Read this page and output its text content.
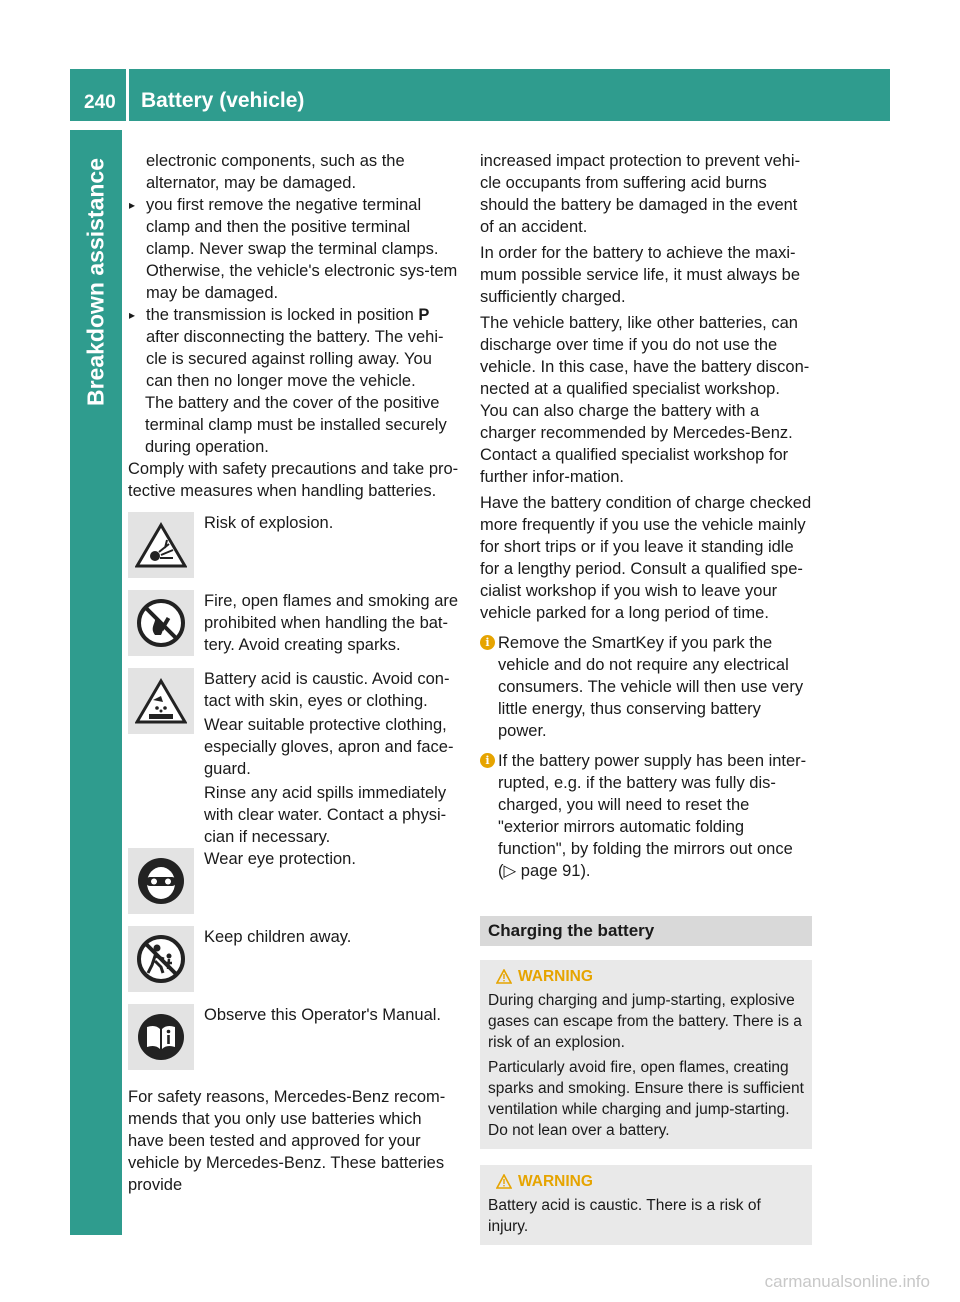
240 Battery (vehicle)
Breakdown assistance	electronic components, such as the alternator, may be damaged.

▸ you first remove the negative terminal clamp and then the positive terminal clamp. Never swap the terminal clamps. Otherwise, the vehicle's electronic sys-tem may be damaged.

▸ the transmission is locked in position P after disconnecting the battery. The vehi-cle is secured against rolling away. You can then no longer move the vehicle.

The battery and the cover of the positive terminal clamp must be installed securely during operation.

Comply with safety precautions and take pro-tective measures when handling batteries.

Risk of explosion.

Fire, open flames and smoking are prohibited when handling the bat-tery. Avoid creating sparks.

Battery acid is caustic. Avoid con-tact with skin, eyes or clothing.

Wear suitable protective clothing, especially gloves, apron and face-guard.

Rinse any acid spills immediately with clear water. Contact a physi-cian if necessary.

Wear eye protection.

Keep children away.

Observe this Operator's Manual.

For safety reasons, Mercedes-Benz recom-mends that you only use batteries which have been tested and approved for your vehicle by Mercedes-Benz. These batteries provide

increased impact protection to prevent vehi-cle occupants from suffering acid burns should the battery be damaged in the event of an accident.

In order for the battery to achieve the maxi-mum possible service life, it must always be sufficiently charged.

The vehicle battery, like other batteries, can discharge over time if you do not use the vehicle. In this case, have the battery discon-nected at a qualified specialist workshop. You can also charge the battery with a charger recommended by Mercedes-Benz. Contact a qualified specialist workshop for further infor-mation.

Have the battery condition of charge checked more frequently if you use the vehicle mainly for short trips or if you leave it standing idle for a lengthy period. Consult a qualified spe-cialist workshop if you wish to leave your vehicle parked for a long period of time.

i Remove the SmartKey if you park the vehicle and do not require any electrical consumers. The vehicle will then use very little energy, thus conserving battery power.

i If the battery power supply has been inter-rupted, e.g. if the battery was fully dis-charged, you will need to reset the "exterior mirrors automatic folding function", by folding the mirrors out once (▷ page 91).

Charging the battery
WARNING

During charging and jump-starting, explosive gases can escape from the battery. There is a risk of an explosion.

Particularly avoid fire, open flames, creating sparks and smoking. Ensure there is sufficient ventilation while charging and jump-starting. Do not lean over a battery.

WARNING

Battery acid is caustic. There is a risk of injury.

carmanualsonline.info
